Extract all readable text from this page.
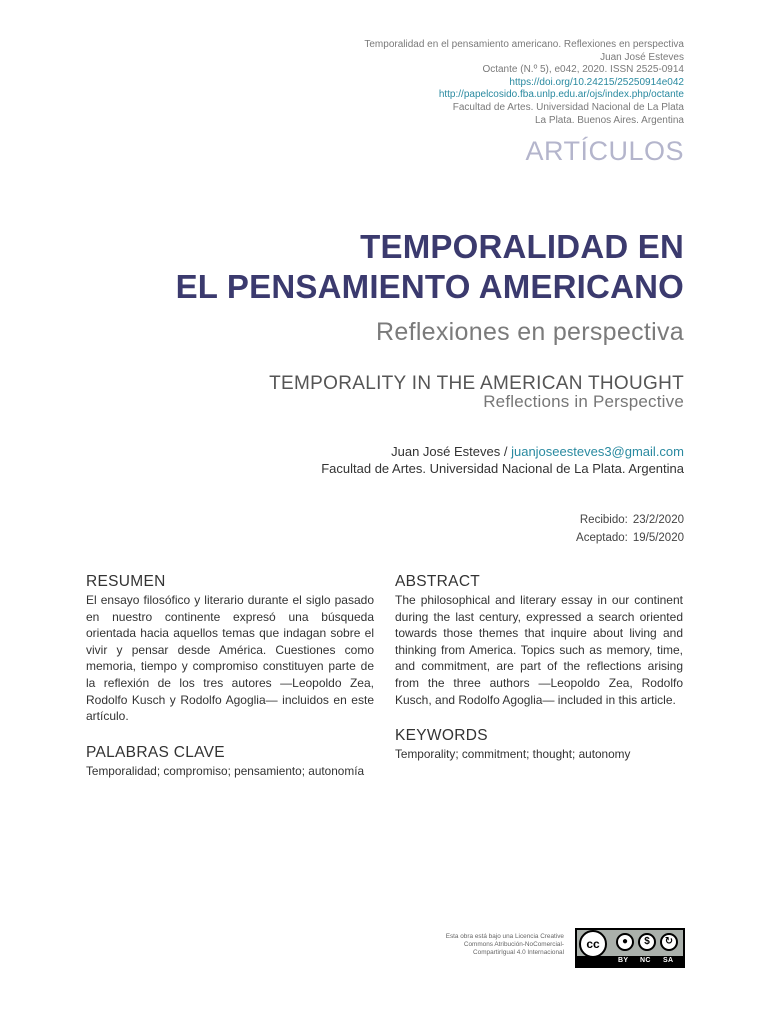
Temporalidad en el pensamiento americano. Reflexiones en perspectiva
Juan José Esteves
Octante (N.º 5), e042, 2020. ISSN 2525-0914
https://doi.org/10.24215/25250914e042
http://papelcosido.fba.unlp.edu.ar/ojs/index.php/octante
Facultad de Artes. Universidad Nacional de La Plata
La Plata. Buenos Aires. Argentina
ARTÍCULOS
TEMPORALIDAD EN
EL PENSAMIENTO AMERICANO
Reflexiones en perspectiva
TEMPORALITY IN THE AMERICAN THOUGHT
Reflections in Perspective
Juan José Esteves / juanjoseesteves3@gmail.com
Facultad de Artes. Universidad Nacional de La Plata. Argentina
Recibido: 23/2/2020
Aceptado: 19/5/2020
RESUMEN

El ensayo filosófico y literario durante el siglo pasado en nuestro continente expresó una búsqueda orientada hacia aquellos temas que indagan sobre el vivir y pensar desde América. Cuestiones como memoria, tiempo y compromiso constituyen parte de la reflexión de los tres autores —Leopoldo Zea, Rodolfo Kusch y Rodolfo Agoglia— incluidos en este artículo.

PALABRAS CLAVE

Temporalidad; compromiso; pensamiento; autonomía

ABSTRACT

The philosophical and literary essay in our continent during the last century, expressed a search oriented towards those themes that inquire about living and thinking from America. Topics such as memory, time, and commitment, are part of the reflections arising from the three authors —Leopoldo Zea, Rodolfo Kusch, and Rodolfo Agoglia— included in this article.

KEYWORDS

Temporality; commitment; thought; autonomy

Esta obra está bajo una Licencia Creative Commons Atribución-NoComercial-CompartirIgual 4.0 Internacional
cc	●	$	↻
BY NC SA
